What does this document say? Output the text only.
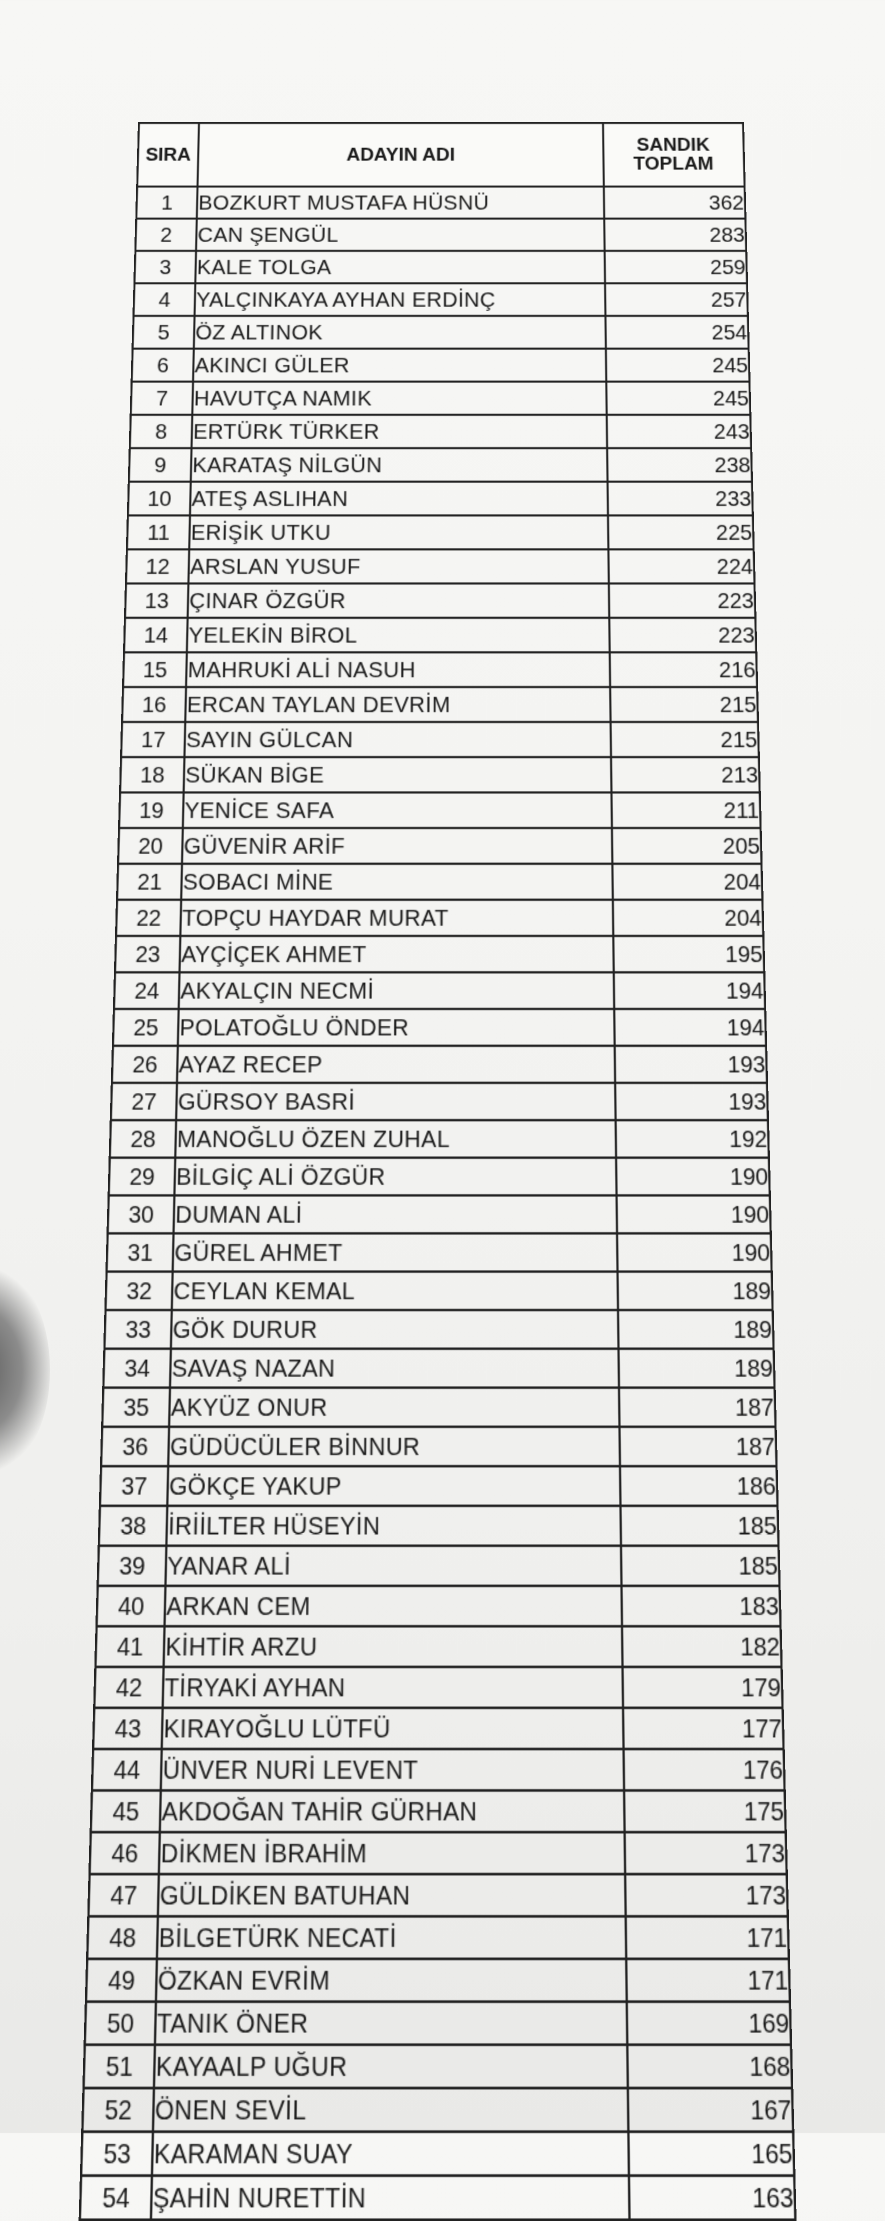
SIRA	ADAYIN ADI	SANDIK
TOPLAM
1	BOZKURT MUSTAFA HÜSNÜ	362
2	CAN ŞENGÜL	283
3	KALE TOLGA	259
4	YALÇINKAYA AYHAN ERDİNÇ	257
5	ÖZ ALTINOK	254
6	AKINCI GÜLER	245
7	HAVUTÇA NAMIK	245
8	ERTÜRK TÜRKER	243
9	KARATAŞ NİLGÜN	238
10	ATEŞ ASLIHAN	233
11	ERİŞİK UTKU	225
12	ARSLAN YUSUF	224
13	ÇINAR ÖZGÜR	223
14	YELEKİN BİROL	223
15	MAHRUKİ ALİ NASUH	216
16	ERCAN TAYLAN DEVRİM	215
17	SAYIN GÜLCAN	215
18	SÜKAN BİGE	213
19	YENİCE SAFA	211
20	GÜVENİR ARİF	205
21	SOBACI MİNE	204
22	TOPÇU HAYDAR MURAT	204
23	AYÇİÇEK AHMET	195
24	AKYALÇIN NECMİ	194
25	POLATOĞLU ÖNDER	194
26	AYAZ RECEP	193
27	GÜRSOY BASRİ	193
28	MANOĞLU ÖZEN ZUHAL	192
29	BİLGİÇ ALİ ÖZGÜR	190
30	DUMAN ALİ	190
31	GÜREL AHMET	190
32	CEYLAN KEMAL	189
33	GÖK DURUR	189
34	SAVAŞ NAZAN	189
35	AKYÜZ ONUR	187
36	GÜDÜCÜLER BİNNUR	187
37	GÖKÇE YAKUP	186
38	İRİİLTER HÜSEYİN	185
39	YANAR ALİ	185
40	ARKAN CEM	183
41	KİHTİR ARZU	182
42	TİRYAKİ AYHAN	179
43	KIRAYOĞLU LÜTFÜ	177
44	ÜNVER NURİ LEVENT	176
45	AKDOĞAN TAHİR GÜRHAN	175
46	DİKMEN İBRAHİM	173
47	GÜLDİKEN BATUHAN	173
48	BİLGETÜRK NECATİ	171
49	ÖZKAN EVRİM	171
50	TANIK ÖNER	169
51	KAYAALP UĞUR	168
52	ÖNEN SEVİL	167
53	KARAMAN SUAY	165
54	ŞAHİN NURETTİN	163
